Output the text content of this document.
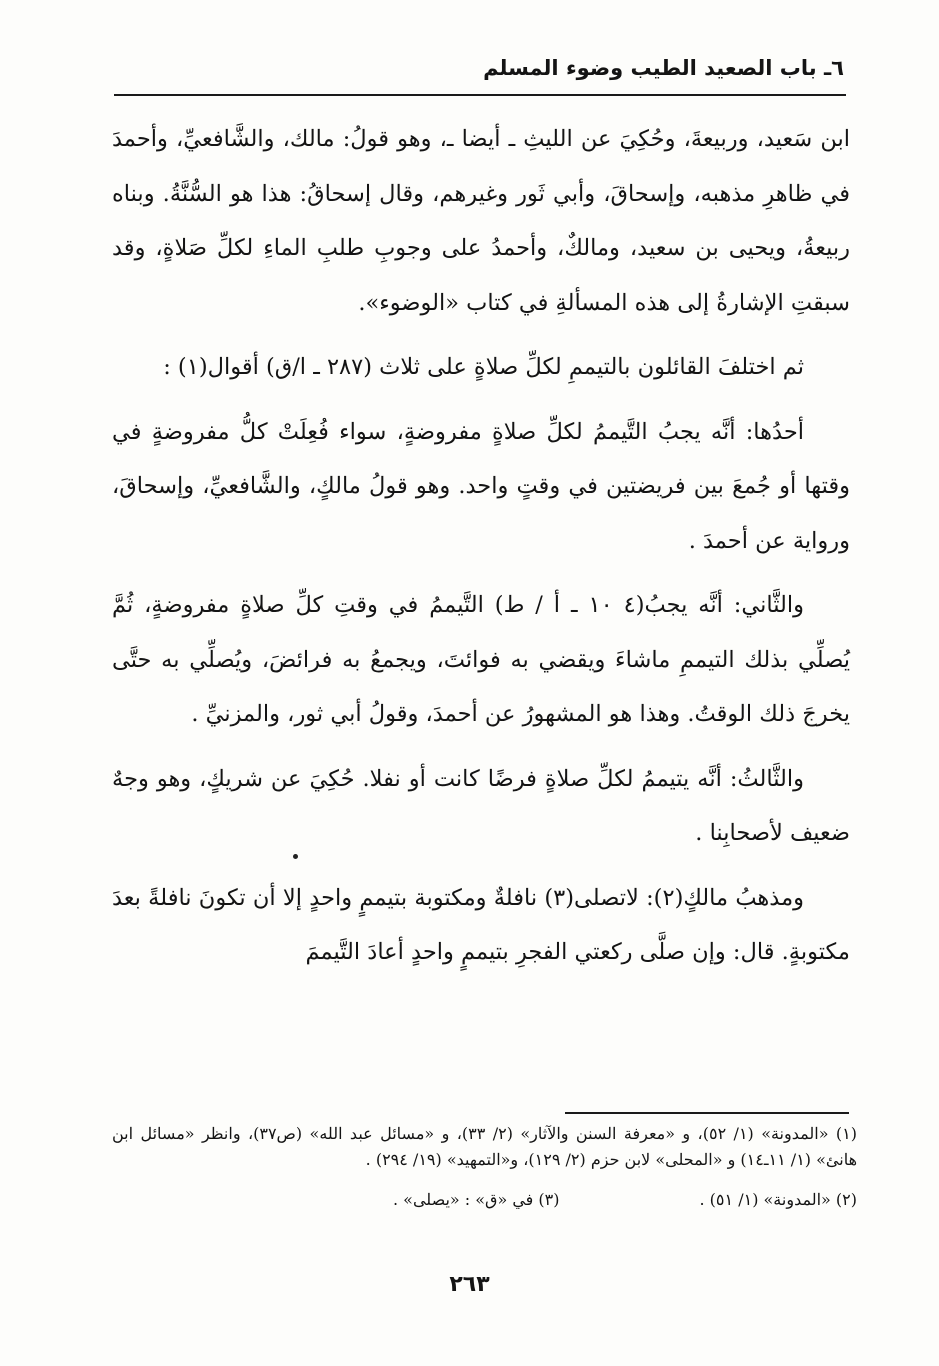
٦ـ باب الصعيد الطيب وضوء المسلم

ابن سَعيد، وربيعةَ، وحُكِيَ عن الليثِ ـ أيضا ـ، وهو قولُ: مالك، والشَّافعيِّ، وأحمدَ في ظاهرِ مذهبه، وإسحاقَ، وأبي ثَور وغيرهم، وقال إسحاقُ: هذا هو السُّنَّةُ. وبناه ربيعةُ، ويحيى بن سعيد، ومالكٌ، وأحمدُ على وجوبِ طلبِ الماءِ لكلِّ صَلاةٍ، وقد سبقتِ الإشارةُ إلى هذه المسألةِ في كتاب «الوضوء».

ثم اختلفَ القائلون بالتيممِ لكلِّ صلاةٍ على ثلاث (٢٨٧ ـ ا/ق) أقوال(١) :

أحدُها: أنَّه يجبُ التَّيممُ لكلِّ صلاةٍ مفروضةٍ، سواء فُعِلَتْ كلُّ مفروضةٍ في وقتها أو جُمعَ بين فريضتين في وقتٍ واحد. وهو قولُ مالكٍ، والشَّافعيِّ، وإسحاقَ، ورواية عن أحمدَ .

والثَّاني: أنَّه يجبُ(٤ ١٠ ـ أ / ط) التَّيممُ في وقتِ كلِّ صلاةٍ مفروضةٍ، ثُمَّ يُصلِّي بذلك التيممِ ماشاءَ ويقضي به فوائتَ، ويجمعُ به فرائضَ، ويُصلِّي به حتَّى يخرجَ ذلك الوقتُ. وهذا هو المشهورُ عن أحمدَ، وقولُ أبي ثور، والمزنيِّ .

والثَّالثُ: أنَّه يتيممُ لكلِّ صلاةٍ فرضًا كانت أو نفلا. حُكِيَ عن شريكٍ، وهو وجهٌ ضعيف لأصحابِنا .

ومذهبُ مالكٍ(٢): لاتصلى(٣) نافلةٌ ومكتوبة بتيممٍ واحدٍ إلا أن تكونَ نافلةً بعدَ مكتوبةٍ. قال: وإن صلَّى ركعتي الفجرِ بتيممٍ واحدٍ أعادَ التَّيممَ

(١) «المدونة» (١/ ٥٢)، و «معرفة السنن والآثار» (٢/ ٣٣)، و «مسائل عبد الله» (ص٣٧)، وانظر «مسائل ابن هانئ» (١/ ١١ـ١٤) و «المحلى» لابن حزم (٢/ ١٢٩)، و«التمهيد» (١٩/ ٢٩٤) .

(٢) «المدونة» (١/ ٥١) .
(٣) في «ق» : «يصلى» .
٢٦٣
